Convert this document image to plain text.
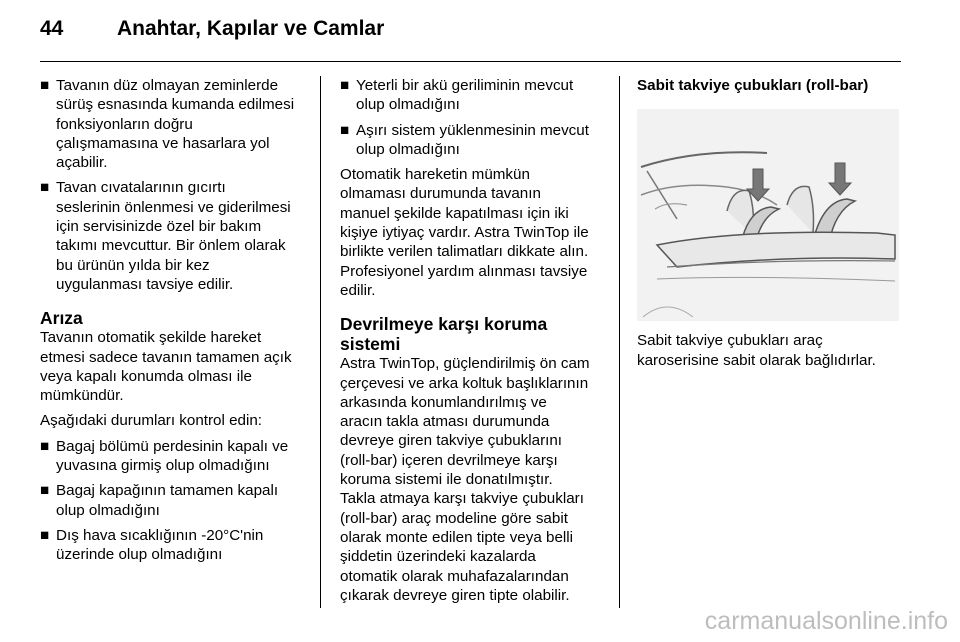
44	Anahtar, Kapılar ve Camlar
■ Tavanın düz olmayan zeminlerde
sürüş esnasında kumanda edilmesi
fonksiyonların doğru
çalışmamasına ve hasarlara yol
açabilir.
■ Tavan cıvatalarının gıcırtı
seslerinin önlenmesi ve giderilmesi
için servisinizde özel bir bakım
takımı mevcuttur. Bir önlem olarak
bu ürünün yılda bir kez
uygulanması tavsiye edilir.
Arıza
Tavanın otomatik şekilde hareket
etmesi sadece tavanın tamamen açık
veya kapalı konumda olması ile
mümkündür.
Aşağıdaki durumları kontrol edin:
■ Bagaj bölümü perdesinin kapalı ve
yuvasına girmiş olup olmadığını
■ Bagaj kapağının tamamen kapalı
olup olmadığını
■ Dış hava sıcaklığının -20°C'nin
üzerinde olup olmadığını
■ Yeterli bir akü geriliminin mevcut
olup olmadığını
■ Aşırı sistem yüklenmesinin mevcut
olup olmadığını
Otomatik hareketin mümkün
olmaması durumunda tavanın
manuel şekilde kapatılması için iki
kişiye iytiyaç vardır. Astra TwinTop ile
birlikte verilen talimatları dikkate alın.
Profesiyonel yardım alınması tavsiye
edilir.
Devrilmeye karşı koruma
sistemi
Astra TwinTop, güçlendirilmiş ön cam
çerçevesi ve arka koltuk başlıklarının
arkasında konumlandırılmış ve
aracın takla atması durumunda
devreye giren takviye çubuklarını
(roll-bar) içeren devrilmeye karşı
koruma sistemi ile donatılmıştır.
Takla atmaya karşı takviye çubukları
(roll-bar) araç modeline göre sabit
olarak monte edilen tipte veya belli
şiddetin üzerindeki kazalarda
otomatik olarak muhafazalarından
çıkarak devreye giren tipte olabilir.
Sabit takviye çubukları (roll-bar)
Sabit takviye çubukları araç
karoserisine sabit olarak bağlıdırlar.
carmanualsonline.info
